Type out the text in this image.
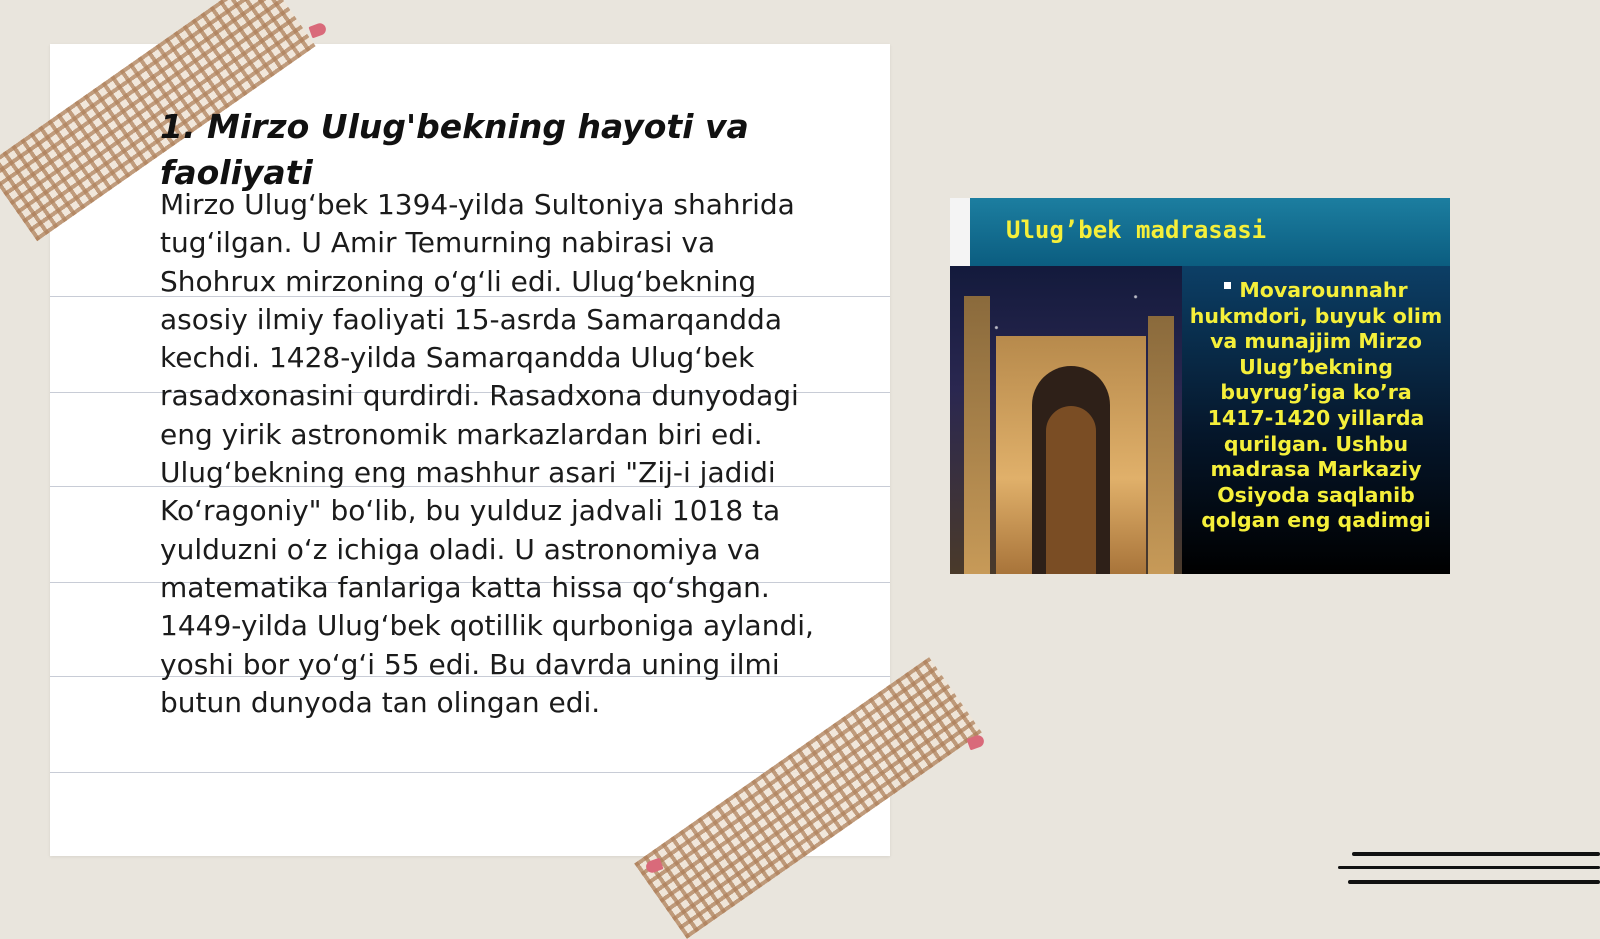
1. Mirzo Ulug'bekning hayoti va faoliyati

Mirzo Ulug‘bek 1394-yilda Sultoniya shahrida tug‘ilgan. U Amir Temurning nabirasi va Shohrux mirzoning o‘g‘li edi. Ulug‘bekning asosiy ilmiy faoliyati 15-asrda Samarqandda kechdi. 1428-yilda Samarqandda Ulug‘bek rasadxonasini qurdirdi. Rasadxona dunyodagi eng yirik astronomik markazlardan biri edi. Ulug‘bekning eng mashhur asari "Zij-i jadidi Ko‘ragoniy" bo‘lib, bu yulduz jadvali 1018 ta yulduzni o‘z ichiga oladi. U astronomiya va matematika fanlariga katta hissa qo‘shgan. 1449-yilda Ulug‘bek qotillik qurboniga aylandi, yoshi bor yo‘g‘i 55 edi. Bu davrda uning ilmi butun dunyoda tan olingan edi.

Ulug’bek madrasasi
Movarounnahr hukmdori, buyuk olim va munajjim Mirzo Ulug’bekning buyrug’iga ko’ra 1417-1420 yillarda qurilgan. Ushbu madrasa Markaziy Osiyoda saqlanib qolgan eng qadimgi
